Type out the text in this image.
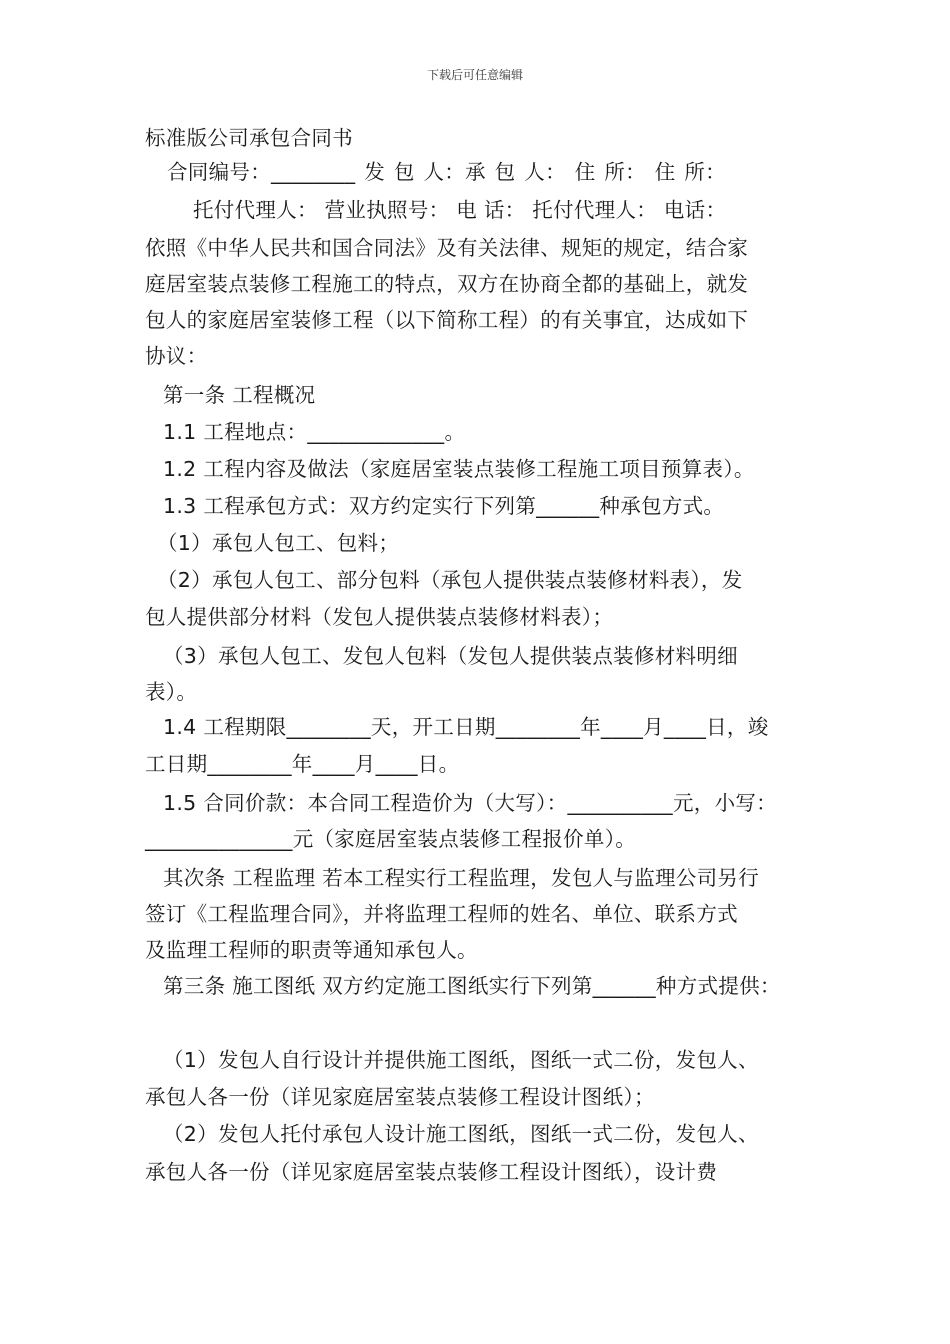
下载后可任意编辑
标准版公司承包合同书
合同编号：________ 发 包 人：承 包 人： 住 所： 住 所：
托付代理人： 营业执照号： 电 话： 托付代理人： 电话：
依照《中华人民共和国合同法》及有关法律、规矩的规定，结合家
庭居室装点装修工程施工的特点，双方在协商全都的基础上，就发
包人的家庭居室装修工程（以下简称工程）的有关事宜，达成如下
协议：
第一条 工程概况
1.1 工程地点：_____________。
1.2 工程内容及做法（家庭居室装点装修工程施工项目预算表）。
1.3 工程承包方式：双方约定实行下列第______种承包方式。
（1）承包人包工、包料；
（2）承包人包工、部分包料（承包人提供装点装修材料表），发
包人提供部分材料（发包人提供装点装修材料表）；
（3）承包人包工、发包人包料（发包人提供装点装修材料明细
表）。
1.4 工程期限________天，开工日期________年____月____日，竣
工日期________年____月____日。
1.5 合同价款：本合同工程造价为（大写）：__________元，小写：
______________元（家庭居室装点装修工程报价单）。
其次条 工程监理 若本工程实行工程监理，发包人与监理公司另行
签订《工程监理合同》，并将监理工程师的姓名、单位、联系方式
及监理工程师的职责等通知承包人。
第三条 施工图纸 双方约定施工图纸实行下列第______种方式提供：
（1）发包人自行设计并提供施工图纸，图纸一式二份，发包人、
承包人各一份（详见家庭居室装点装修工程设计图纸）；
（2）发包人托付承包人设计施工图纸，图纸一式二份，发包人、
承包人各一份（详见家庭居室装点装修工程设计图纸），设计费
